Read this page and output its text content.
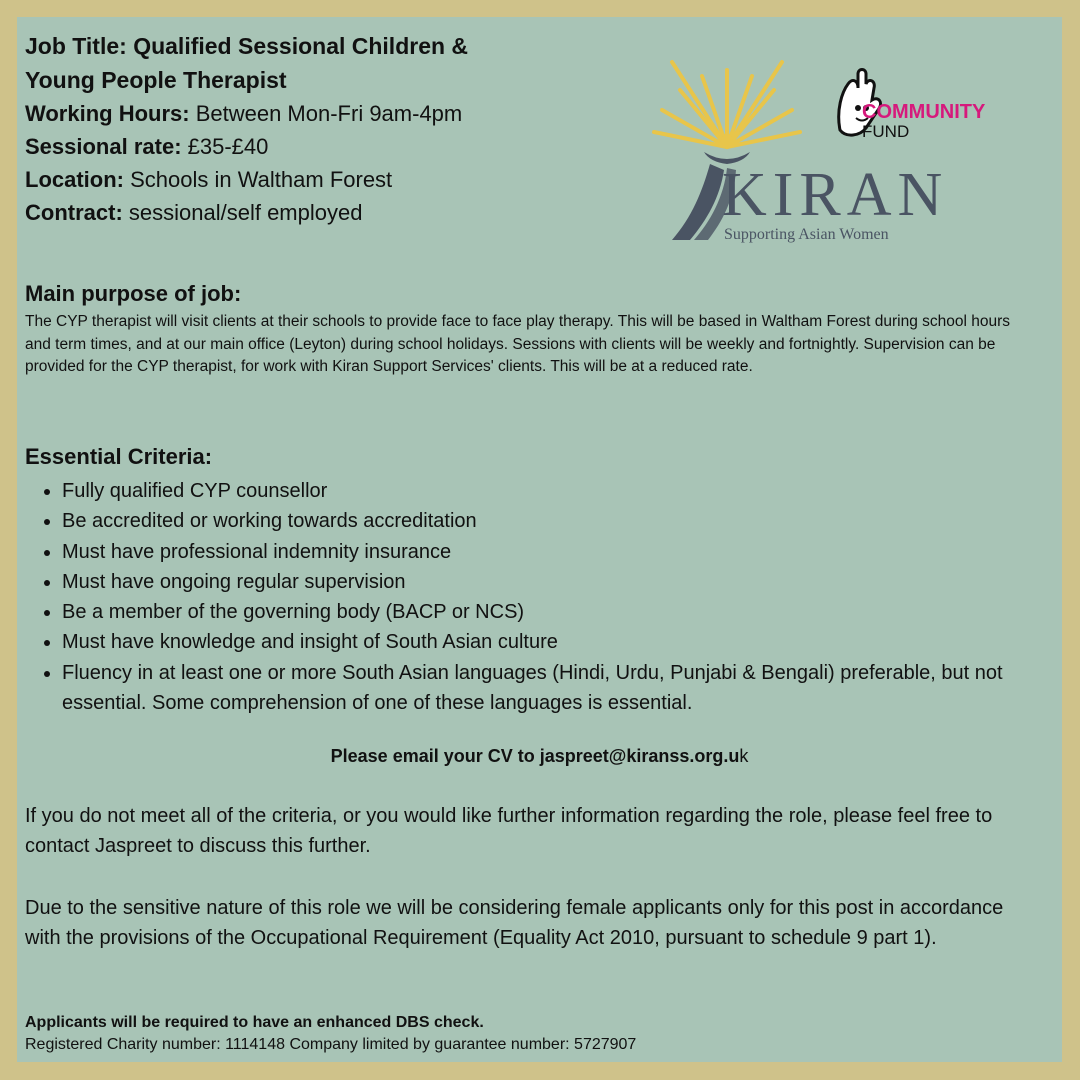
Job Title: Qualified Sessional Children &

Young People Therapist

Working Hours: Between Mon-Fri 9am-4pm

Sessional rate: £35-£40

Location: Schools in Waltham Forest

Contract: sessional/self employed	KIRAN
Supporting Asian Women
COMMUNITY
FUND

Main purpose of job:

The CYP therapist will visit clients at their schools to provide face to face play therapy. This will be based in Waltham Forest during school hours and term times, and at our main office (Leyton) during school holidays. Sessions with clients will be weekly and fortnightly. Supervision can be provided for the CYP therapist, for work with Kiran Support Services' clients. This will be at a reduced rate.

Essential Criteria:

• Fully qualified CYP counsellor
• Be accredited or working towards accreditation
• Must have professional indemnity insurance
• Must have ongoing regular supervision
• Be a member of the governing body (BACP or NCS)
• Must have knowledge and insight of South Asian culture
• Fluency in at least one or more South Asian languages (Hindi, Urdu, Punjabi & Bengali) preferable, but not essential. Some comprehension of one of these languages is essential.
Please email your CV to jaspreet@kiranss.org.uk

If you do not meet all of the criteria, or you would like further information regarding the role, please feel free to contact Jaspreet to discuss this further.

Due to the sensitive nature of this role we will be considering female applicants only for this post in accordance with the provisions of the Occupational Requirement (Equality Act 2010, pursuant to schedule 9 part 1).

Applicants will be required to have an enhanced DBS check.

Registered Charity number: 1114148 Company limited by guarantee number: 5727907
